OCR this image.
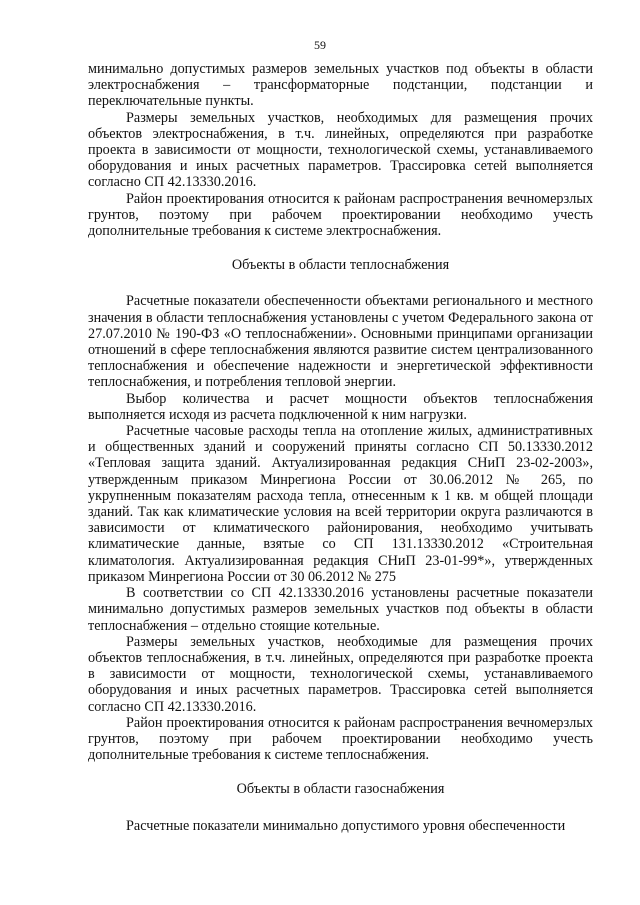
59

минимально допустимых размеров земельных участков под объекты в области электроснабжения – трансформаторные подстанции, подстанции и переключательные пункты.

Размеры земельных участков, необходимых для размещения прочих объектов электроснабжения, в т.ч. линейных, определяются при разработке проекта в зависимости от мощности, технологической схемы, устанавливаемого оборудования и иных расчетных параметров. Трассировка сетей выполняется согласно СП 42.13330.2016.

Район проектирования относится к районам распространения вечномерзлых грунтов, поэтому при рабочем проектировании необходимо учесть дополнительные требования к системе электроснабжения.

Объекты в области теплоснабжения

Расчетные показатели обеспеченности объектами регионального и местного значения в области теплоснабжения установлены с учетом Федерального закона от 27.07.2010 № 190-ФЗ «О теплоснабжении». Основными принципами организации отношений в сфере теплоснабжения являются развитие систем централизованного теплоснабжения и обеспечение надежности и энергетической эффективности теплоснабжения, и потребления тепловой энергии.

Выбор количества и расчет мощности объектов теплоснабжения выполняется исходя из расчета подключенной к ним нагрузки.

Расчетные часовые расходы тепла на отопление жилых, административных и общественных зданий и сооружений приняты согласно СП 50.13330.2012 «Тепловая защита зданий. Актуализированная редакция СНиП 23-02-2003», утвержденным приказом Минрегиона России от 30.06.2012 № 265, по укрупненным показателям расхода тепла, отнесенным к 1 кв. м общей площади зданий. Так как климатические условия на всей территории округа различаются в зависимости от климатического районирования, необходимо учитывать климатические данные, взятые со СП 131.13330.2012 «Строительная климатология. Актуализированная редакция СНиП 23-01-99*», утвержденных приказом Минрегиона России от 30 06.2012 № 275

В соответствии со СП 42.13330.2016 установлены расчетные показатели минимально допустимых размеров земельных участков под объекты в области теплоснабжения – отдельно стоящие котельные.

Размеры земельных участков, необходимые для размещения прочих объектов теплоснабжения, в т.ч. линейных, определяются при разработке проекта в зависимости от мощности, технологической схемы, устанавливаемого оборудования и иных расчетных параметров. Трассировка сетей выполняется согласно СП 42.13330.2016.

Район проектирования относится к районам распространения вечномерзлых грунтов, поэтому при рабочем проектировании необходимо учесть дополнительные требования к системе теплоснабжения.

Объекты в области газоснабжения

Расчетные показатели минимально допустимого уровня обеспеченности
